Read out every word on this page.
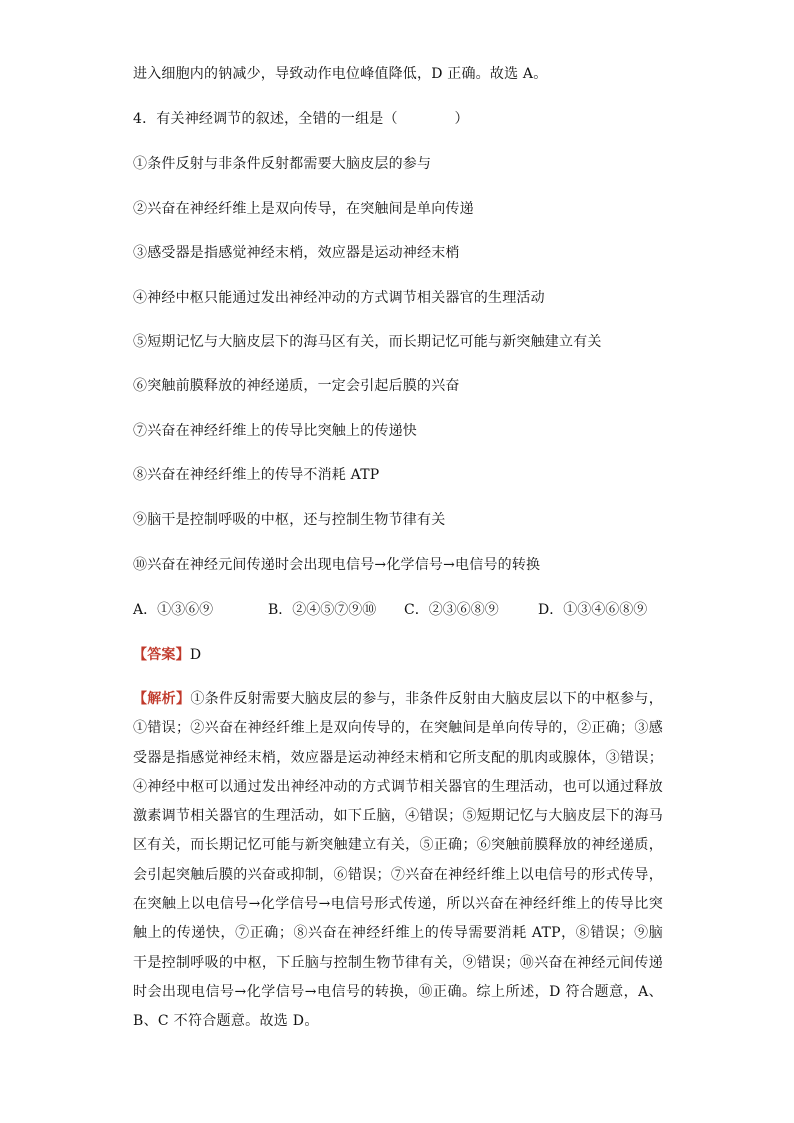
进入细胞内的钠减少，导致动作电位峰值降低，D 正确。故选 A。
4．有关神经调节的叙述，全错的一组是（　　　　）
①条件反射与非条件反射都需要大脑皮层的参与
②兴奋在神经纤维上是双向传导，在突触间是单向传递
③感受器是指感觉神经末梢，效应器是运动神经末梢
④神经中枢只能通过发出神经冲动的方式调节相关器官的生理活动
⑤短期记忆与大脑皮层下的海马区有关，而长期记忆可能与新突触建立有关
⑥突触前膜释放的神经递质，一定会引起后膜的兴奋
⑦兴奋在神经纤维上的传导比突触上的传递快
⑧兴奋在神经纤维上的传导不消耗 ATP
⑨脑干是控制呼吸的中枢，还与控制生物节律有关
⑩兴奋在神经元间传递时会出现电信号→化学信号→电信号的转换
A．①③⑥⑨	B．②④⑤⑦⑨⑩ C．②③⑥⑧⑨	D．①③④⑥⑧⑨
【答案】D
【解析】①条件反射需要大脑皮层的参与，非条件反射由大脑皮层以下的中枢参与，①错误；②兴奋在神经纤维上是双向传导的，在突触间是单向传导的，②正确；③感受器是指感觉神经末梢，效应器是运动神经末梢和它所支配的肌肉或腺体，③错误；④神经中枢可以通过发出神经冲动的方式调节相关器官的生理活动，也可以通过释放激素调节相关器官的生理活动，如下丘脑，④错误；⑤短期记忆与大脑皮层下的海马区有关，而长期记忆可能与新突触建立有关，⑤正确；⑥突触前膜释放的神经递质，会引起突触后膜的兴奋或抑制，⑥错误；⑦兴奋在神经纤维上以电信号的形式传导，在突触上以电信号→化学信号→电信号形式传递，所以兴奋在神经纤维上的传导比突触上的传递快，⑦正确；⑧兴奋在神经纤维上的传导需要消耗 ATP，⑧错误；⑨脑干是控制呼吸的中枢，下丘脑与控制生物节律有关，⑨错误；⑩兴奋在神经元间传递时会出现电信号→化学信号→电信号的转换，⑩正确。综上所述，D 符合题意，A、B、C 不符合题意。故选 D。
